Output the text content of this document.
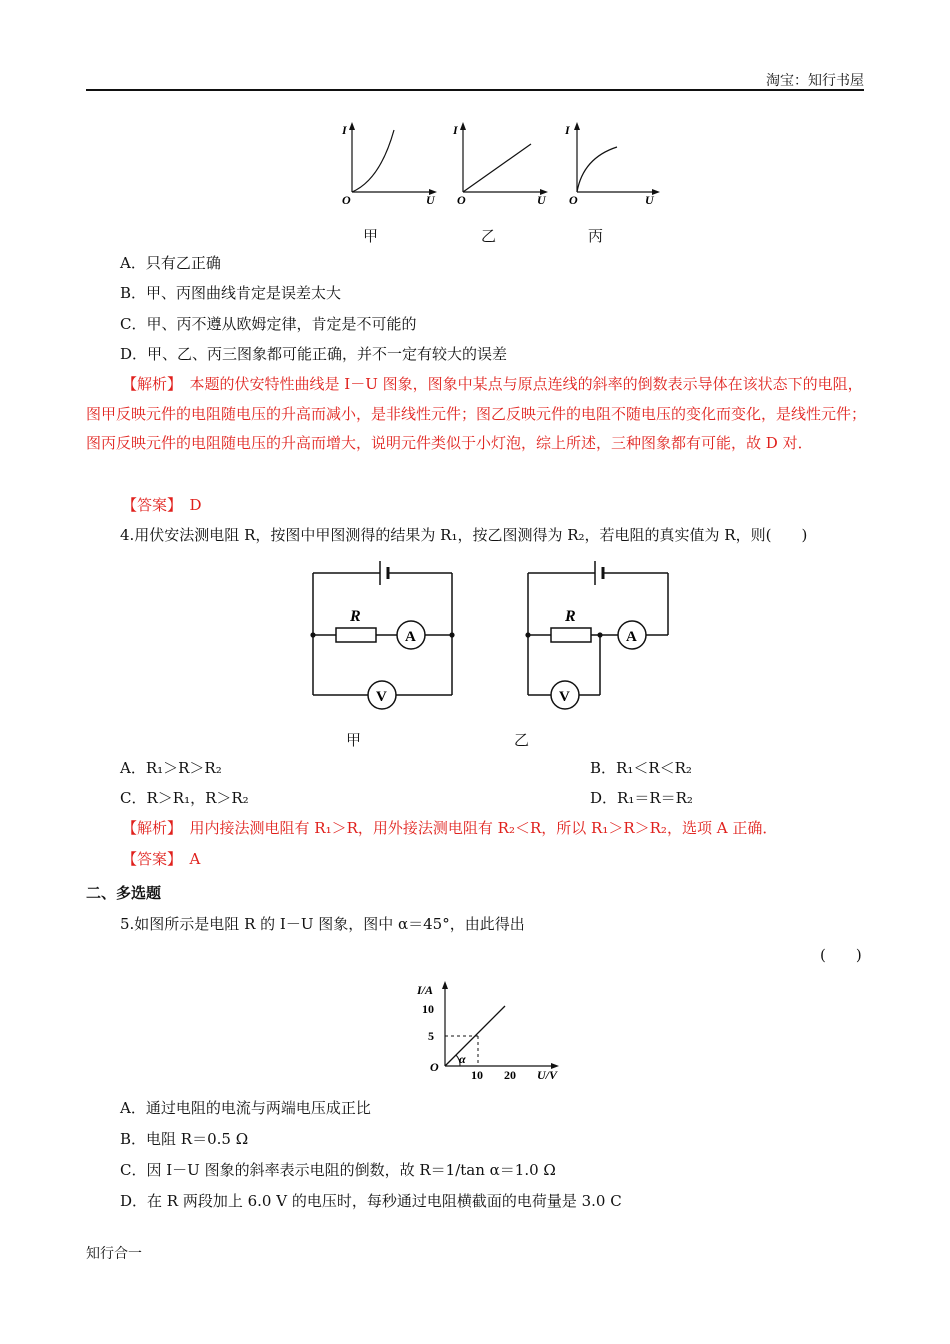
淘宝：知行书屋
I
O	U
I
O	U
I
O	U
甲	乙	丙
A．只有乙正确
B．甲、丙图曲线肯定是误差太大
C．甲、丙不遵从欧姆定律，肯定是不可能的
D．甲、乙、丙三图象都可能正确，并不一定有较大的误差
【解析】　 本题的伏安特性曲线是 I－U 图象，图象中某点与原点连线的斜率的倒数表示导体在该状态下的电阻，图甲反映元件的电阻随电压的升高而减小，是非线性元件；图乙反映元件的电阻不随电压的变化而变化，是线性元件；图丙反映元件的电阻随电压的升高而增大，说明元件类似于小灯泡，综上所述，三种图象都有可能，故 D 对．
【答案】　 D
4.用伏安法测电阻 R，按图中甲图测得的结果为 R₁，按乙图测得为 R₂，若电阻的真实值为 R，则(　　)
R
A
V
R
A
V
甲	乙
A．R₁＞R＞R₂	B．R₁＜R＜R₂
C．R＞R₁，R＞R₂	D．R₁＝R＝R₂
【解析】　 用内接法测电阻有 R₁＞R，用外接法测电阻有 R₂＜R，所以 R₁＞R＞R₂，选项 A 正确．
【答案】　 A
二、多选题
5.如图所示是电阻 R 的 I－U 图象，图中 α＝45°，由此得出
(　　)
I/A
10
5
O
10 20 U/V
α
A．通过电阻的电流与两端电压成正比
B．电阻 R＝0.5 Ω
C．因 I－U 图象的斜率表示电阻的倒数，故 R＝1/tan α＝1.0 Ω
D．在 R 两段加上 6.0 V 的电压时，每秒通过电阻横截面的电荷量是 3.0 C
知行合一
